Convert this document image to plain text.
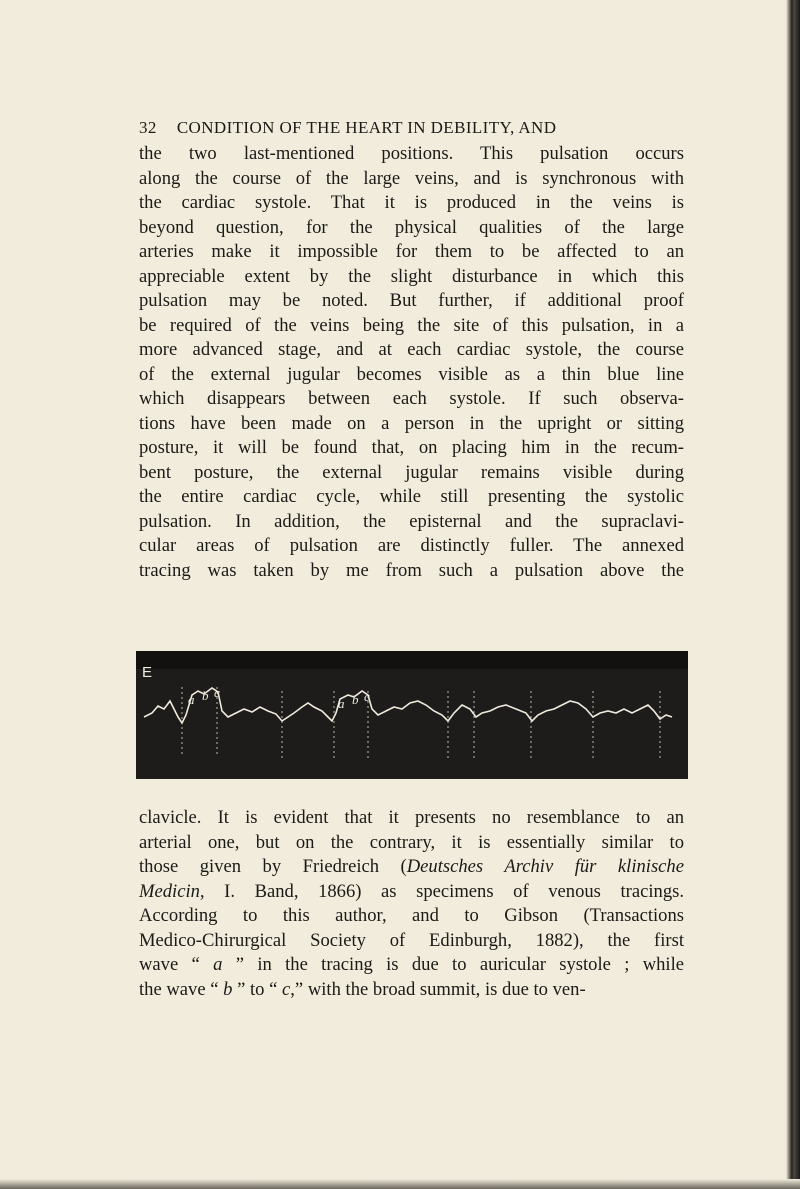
32 CONDITION OF THE HEART IN DEBILITY, AND
the two last-mentioned positions. This pulsation occurs
along the course of the large veins, and is synchronous with
the cardiac systole. That it is produced in the veins is
beyond question, for the physical qualities of the large
arteries make it impossible for them to be affected to an
appreciable extent by the slight disturbance in which this
pulsation may be noted. But further, if additional proof
be required of the veins being the site of this pulsation, in a
more advanced stage, and at each cardiac systole, the course
of the external jugular becomes visible as a thin blue line
which disappears between each systole. If such observa-
tions have been made on a person in the upright or sitting
posture, it will be found that, on placing him in the recum-
bent posture, the external jugular remains visible during
the entire cardiac cycle, while still presenting the systolic
pulsation. In addition, the episternal and the supraclavi-
cular areas of pulsation are distinctly fuller. The annexed
tracing was taken by me from such a pulsation above the
E
a b c
a b c
clavicle. It is evident that it presents no resemblance to an
arterial one, but on the contrary, it is essentially similar to
those given by Friedreich (Deutsches Archiv für klinische
Medicin, I. Band, 1866) as specimens of venous tracings.
According to this author, and to Gibson (Transactions
Medico-Chirurgical Society of Edinburgh, 1882), the first
wave “ a ” in the tracing is due to auricular systole ; while
the wave “ b ” to “ c,” with the broad summit, is due to ven-
